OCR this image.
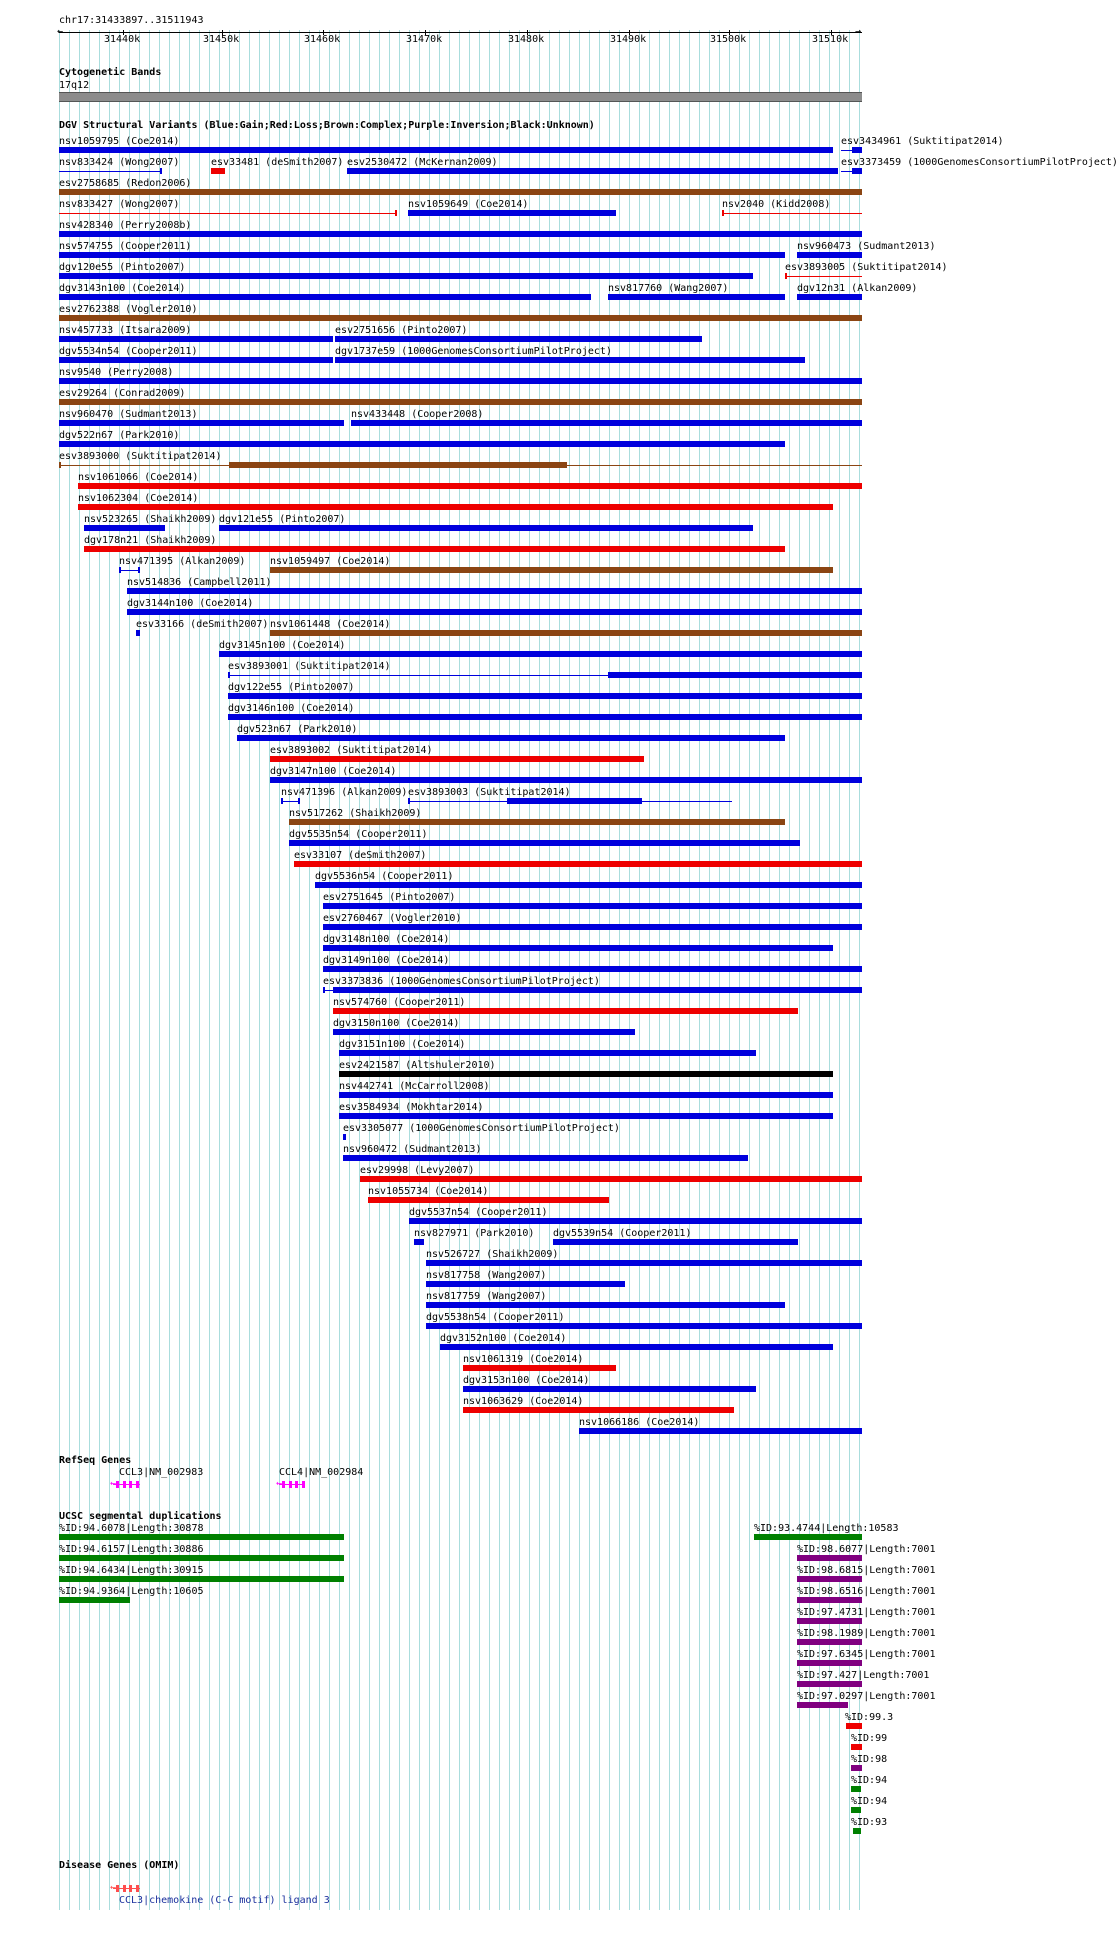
chr17:31433897..31511943
←	→
31440k	31450k	31460k	31470k	31480k	31490k	31500k	31510k
Cytogenetic Bands
17q12
DGV Structural Variants (Blue:Gain;Red:Loss;Brown:Complex;Purple:Inversion;Black:Unknown)
nsv1059795 (Coe2014)	esv3434961 (Suktitipat2014)
nsv833424 (Wong2007)	esv33481 (deSmith2007) esv2530472 (McKernan2009)	esv3373459 (1000GenomesConsortiumPilotProject)
esv2758685 (Redon2006)
nsv833427 (Wong2007)	nsv1059649 (Coe2014)	nsv2040 (Kidd2008)
nsv428340 (Perry2008b)
nsv574755 (Cooper2011)	nsv960473 (Sudmant2013)
dgv120e55 (Pinto2007)	esv3893005 (Suktitipat2014)
dgv3143n100 (Coe2014)	nsv817760 (Wang2007)	dgv12n31 (Alkan2009)
esv2762388 (Vogler2010)
nsv457733 (Itsara2009)	esv2751656 (Pinto2007)
dgv5534n54 (Cooper2011)	dgv1737e59 (1000GenomesConsortiumPilotProject)
nsv9540 (Perry2008)
esv29264 (Conrad2009)
nsv960470 (Sudmant2013)	nsv433448 (Cooper2008)
dgv522n67 (Park2010)
esv3893000 (Suktitipat2014)
nsv1061066 (Coe2014)
nsv1062304 (Coe2014)
nsv523265 (Shaikh2009) dgv121e55 (Pinto2007)
dgv178n21 (Shaikh2009)
nsv471395 (Alkan2009) nsv1059497 (Coe2014)
nsv514836 (Campbell2011)
dgv3144n100 (Coe2014)
esv33166 (deSmith2007) nsv1061448 (Coe2014)
dgv3145n100 (Coe2014)
esv3893001 (Suktitipat2014)
dgv122e55 (Pinto2007)
dgv3146n100 (Coe2014)
dgv523n67 (Park2010)
esv3893002 (Suktitipat2014)
dgv3147n100 (Coe2014)
nsv471396 (Alkan2009) esv3893003 (Suktitipat2014)
nsv517262 (Shaikh2009)
dgv5535n54 (Cooper2011)
esv33107 (deSmith2007)
dgv5536n54 (Cooper2011)
esv2751645 (Pinto2007)
esv2760467 (Vogler2010)
dgv3148n100 (Coe2014)
dgv3149n100 (Coe2014)
esv3373836 (1000GenomesConsortiumPilotProject)
nsv574760 (Cooper2011)
dgv3150n100 (Coe2014)
dgv3151n100 (Coe2014)
esv2421587 (Altshuler2010)
nsv442741 (McCarroll2008)
esv3584934 (Mokhtar2014)
esv3305077 (1000GenomesConsortiumPilotProject)
nsv960472 (Sudmant2013)
esv29998 (Levy2007)
nsv1055734 (Coe2014)
dgv5537n54 (Cooper2011)
nsv827971 (Park2010) dgv5539n54 (Cooper2011)
nsv526727 (Shaikh2009)
nsv817758 (Wang2007)
nsv817759 (Wang2007)
dgv5538n54 (Cooper2011)
dgv3152n100 (Coe2014)
nsv1061319 (Coe2014)
dgv3153n100 (Coe2014)
nsv1063629 (Coe2014)
nsv1066186 (Coe2014)
RefSeq Genes
CCL3|NM_002983
←
CCL4|NM_002984
←
UCSC segmental duplications
%ID:94.6078|Length:30878	%ID:93.4744|Length:10583
%ID:94.6157|Length:30886	%ID:98.6077|Length:7001
%ID:94.6434|Length:30915	%ID:98.6815|Length:7001
%ID:94.9364|Length:10605	%ID:98.6516|Length:7001
%ID:97.4731|Length:7001
%ID:98.1989|Length:7001
%ID:97.6345|Length:7001
%ID:97.427|Length:7001
%ID:97.0297|Length:7001
%ID:99.3
%ID:99
%ID:98
%ID:94
%ID:94
%ID:93
Disease Genes (OMIM)
←
CCL3|chemokine (C-C motif) ligand 3
